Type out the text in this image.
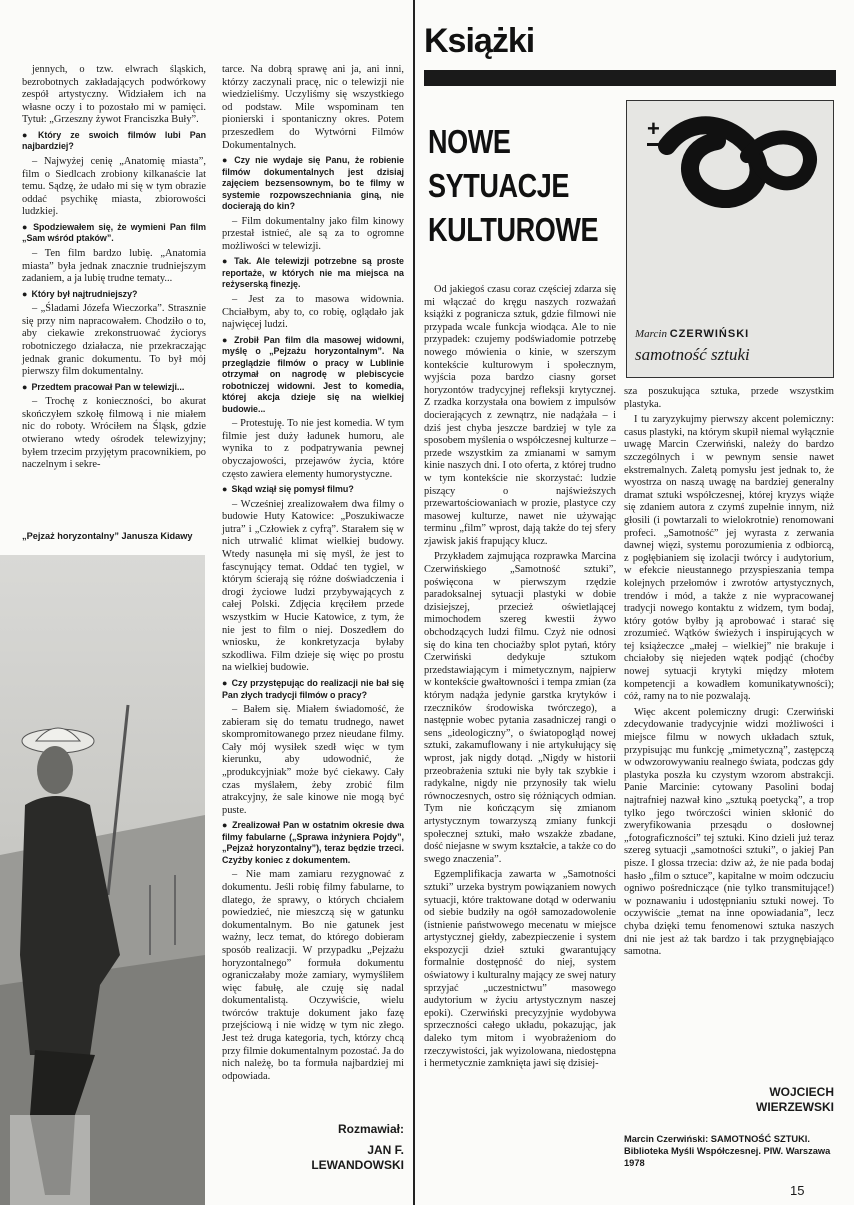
jennych, o tzw. elwrach śląskich, bezrobotnych zakładających podwórkowy zespół artystyczny. Widziałem ich na własne oczy i to pozostało mi w pamięci. Tytuł: „Grzeszny żywot Franciszka Buły”.

● Który ze swoich filmów lubi Pan najbardziej?

– Najwyżej cenię „Anatomię miasta”, film o Siedlcach zrobiony kilkanaście lat temu. Sądzę, że udało mi się w tym obrazie oddać psychikę miasta, zbiorowości ludzkiej.

● Spodziewałem się, że wymieni Pan film „Sam wśród ptaków”.

– Ten film bardzo lubię. „Anatomia miasta” była jednak znacznie trudniejszym zadaniem, a ja lubię trudne tematy...

● Który był najtrudniejszy?

– „Śladami Józefa Wieczorka”. Strasznie się przy nim napracowałem. Chodziło o to, aby ciekawie zrekonstruować życiorys robotniczego działacza, nie przekraczając jednak granic dokumentu. To był mój pierwszy film dokumentalny.

● Przedtem pracował Pan w telewizji...

– Trochę z konieczności, bo akurat skończyłem szkołę filmową i nie miałem nic do roboty. Wróciłem na Śląsk, gdzie otwierano wtedy ośrodek telewizyjny; byłem trzecim przyjętym pracownikiem, po naczelnym i sekre-

tarce. Na dobrą sprawę ani ja, ani inni, którzy zaczynali pracę, nic o telewizji nie wiedzieliśmy. Uczyliśmy się wszystkiego od podstaw. Mile wspominam ten pionierski i spontaniczny okres. Potem przeszedłem do Wytwórni Filmów Dokumentalnych.

● Czy nie wydaje się Panu, że robienie filmów dokumentalnych jest dzisiaj zajęciem bezsensownym, bo te filmy w systemie rozpowszechniania giną, nie docierają do kin?

– Film dokumentalny jako film kinowy przestał istnieć, ale są za to ogromne możliwości w telewizji.

● Tak. Ale telewizji potrzebne są proste reportaże, w których nie ma miejsca na reżyserską finezję.

– Jest za to masowa widownia. Chciałbym, aby to, co robię, oglądało jak najwięcej ludzi.

● Zrobił Pan film dla masowej widowni, myślę o „Pejzażu horyzontalnym”. Na przeglądzie filmów o pracy w Lublinie otrzymał on nagrodę w plebiscycie robotniczej widowni. Jest to komedia, której akcja dzieje się na wielkiej budowie...

– Protestuję. To nie jest komedia. W tym filmie jest duży ładunek humoru, ale wynika to z podpatrywania pewnej obyczajowości, przejawów życia, które często zawiera elementy humorystyczne.

● Skąd wziął się pomysł filmu?

– Wcześniej zrealizowałem dwa filmy o budowie Huty Katowice: „Poszukiwacze jutra” i „Człowiek z cyfrą”. Starałem się w nich utrwalić klimat wielkiej budowy. Wtedy nasunęła mi się myśl, że jest to fascynujący temat. Oddać ten tygiel, w którym ścierają się różne doświadczenia i drogi życiowe ludzi przybywających z całej Polski. Zdjęcia kręciłem przede wszystkim w Hucie Katowice, z tym, że nie jest to film o niej. Doszedłem do wniosku, że konkretyzacja byłaby szkodliwa. Film dzieje się więc po prostu na wielkiej budowie.

● Czy przystępując do realizacji nie bał się Pan złych tradycji filmów o pracy?

– Bałem się. Miałem świadomość, że zabieram się do tematu trudnego, nawet skompromitowanego przez nieudane filmy. Cały mój wysiłek szedł więc w tym kierunku, aby udowodnić, że „produkcyjniak” może być ciekawy. Cały czas myślałem, żeby zrobić film atrakcyjny, że sale kinowe nie mogą być puste.

● Zrealizował Pan w ostatnim okresie dwa filmy fabularne („Sprawa inżyniera Pojdy”, „Pejzaż horyzontalny”), teraz będzie trzeci. Czyżby koniec z dokumentem.

– Nie mam zamiaru rezygnować z dokumentu. Jeśli robię filmy fabularne, to dlatego, że sprawy, o których chciałem powiedzieć, nie mieszczą się w gatunku dokumentalnym. Bo nie gatunek jest ważny, lecz temat, do którego dobieram sposób realizacji. W przypadku „Pejzażu horyzontalnego” formuła dokumentu ograniczałaby może zamiary, wymyśliłem więc fabułę, ale czuję się nadal dokumentalistą. Oczywiście, wielu twórców traktuje dokument jako fazę przejściową i nie widzę w tym nic złego. Jest też druga kategoria, tych, którzy chcą przy filmie dokumentalnym pozostać. Ja do nich należę, bo ta formuła najbardziej mi odpowiada.

„Pejzaż horyzontalny” Janusza Kidawy
Rozmawiał:
JAN F.
LEWANDOWSKI
Książki
NOWE
SYTUACJE
KULTUROWE
+
Marcin CZERWIŃSKI
samotność sztuki

Od jakiegoś czasu coraz częściej zdarza się mi włączać do kręgu naszych rozważań książki z pogranicza sztuk, gdzie filmowi nie przypada wcale funkcja wiodąca. Ale to nie przypadek: czujemy podświadomie potrzebę nowego mówienia o kinie, w szerszym kontekście kulturowym i społecznym, wyjścia poza bardzo ciasny gorset horyzontów tradycyjnej refleksji krytycznej. Z rzadka korzystała ona bowiem z impulsów docierających z zewnątrz, nie nadążała – i dziś jest chyba jeszcze bardziej w tyle za sposobem myślenia o współczesnej kulturze – przede wszystkim za zmianami w samym kinie naszych dni. I oto oferta, z której trudno w tym kontekście nie skorzystać: ludzie piszący o najświeższych przewartościowaniach w prozie, plastyce czy masowej kulturze, nawet nie używając terminu „film” wprost, dają także do tej sfery zjawisk jakiś frapujący klucz.

Przykładem zajmująca rozprawka Marcina Czerwińskiego „Samotność sztuki”, poświęcona w pierwszym rzędzie paradoksalnej sytuacji plastyki w dobie dzisiejszej, przecież oświetlającej mimochodem szereg kwestii żywo obchodzących ludzi filmu. Czyż nie odnosi się do kina ten chociażby splot pytań, który Czerwiński dedykuje sztukom przedstawiającym i mimetycznym, najpierw w kontekście gwałtowności i tempa zmian (za którym nadąża jedynie garstka krytyków i rzeczników środowiska twórczego), a następnie wobec pytania zasadniczej rangi o sens „ideologiczny”, o światopogląd nowej sztuki, zakamuflowany i nie artykułujący się wprost, jak nigdy dotąd. „Nigdy w historii przeobrażenia sztuki nie były tak szybkie i radykalne, nigdy nie przynosiły tak wielu równoczesnych, ostro się różniących odmian. Tym nie kończącym się zmianom artystycznym towarzyszą zmiany funkcji społecznej sztuki, mało wszakże zbadane, dość niejasne w swym kształcie, a także co do swego znaczenia”.

Egzemplifikacja zawarta w „Samotności sztuki” urzeka bystrym powiązaniem nowych sytuacji, które traktowane dotąd w oderwaniu od siebie budziły na ogół samozadowolenie (istnienie państwowego mecenatu w miejsce artystycznej giełdy, zabezpieczenie i system ekspozycji dzieł sztuki gwarantujący formalnie dostępność do niej, system oświatowy i kulturalny mający ze swej natury sprzyjać „uczestnictwu” masowego audytorium w życiu artystycznym naszej epoki). Czerwiński precyzyjnie wydobywa sprzeczności całego układu, pokazując, jak daleko tym mitom i wyobrażeniom do rzeczywistości, jak wyizolowana, niedostępna i hermetycznie zamknięta jawi się dzisiej-

sza poszukująca sztuka, przede wszystkim plastyka.

I tu zaryzykujmy pierwszy akcent polemiczny: casus plastyki, na którym skupił niemal wyłącznie uwagę Marcin Czerwiński, należy do bardzo szczególnych i w pewnym sensie nawet ekstremalnych. Zaletą pomysłu jest jednak to, że wyostrza on naszą uwagę na bardziej generalny dramat sztuki współczesnej, której kryzys wiąże się zdaniem autora z czymś zupełnie innym, niż głosili (i powtarzali to wielokrotnie) renomowani profeci. „Samotność” jej wyrasta z zerwania dawnej więzi, systemu porozumienia z odbiorcą, z pogłębianiem się izolacji twórcy i audytorium, w efekcie nieustannego przyspieszania tempa kolejnych przełomów i zwrotów artystycznych, trendów i mód, a także z nie wypracowanej tradycji nowego kontaktu z widzem, tym bodaj, który gotów byłby ją aprobować i starać się zrozumieć. Wątków świeżych i inspirujących w tej książeczce „małej – wielkiej” nie brakuje i chciałoby się niejeden wątek podjąć (choćby nowej sytuacji krytyki między młotem kompetencji a kowadłem komunikatywności); cóż, ramy na to nie pozwalają.

Więc akcent polemiczny drugi: Czerwiński zdecydowanie tradycyjnie widzi możliwości i miejsce filmu w nowych układach sztuk, przypisując mu funkcję „mimetyczną”, zastępczą w odwzorowywaniu realnego świata, podczas gdy plastyka poszła ku czystym wzorom abstrakcji. Panie Marcinie: cytowany Pasolini bodaj najtrafniej nazwał kino „sztuką poetycką”, a trop tylko jego twórczości winien skłonić do zweryfikowania przesądu o dosłownej „fotograficzności” tej sztuki. Kino dzieli już teraz szereg sytuacji „samotności sztuki”, o jakiej Pan pisze. I glossa trzecia: dziw aż, że nie pada bodaj hasło „film o sztuce”, kapitalne w moim odczuciu ogniwo pośredniczące (nie tylko transmitujące!) w poznawaniu i udostępnianiu sztuki nowej. To oczywiście „temat na inne opowiadania”, lecz chyba dzięki temu fenomenowi sztuka naszych dni nie jest aż tak bardzo i tak przygnębiająco samotna.

WOJCIECH
WIERZEWSKI
Marcin Czerwiński: SAMOTNOŚĆ SZTUKI. Biblioteka Myśli Współczesnej. PIW. Warszawa 1978
15
